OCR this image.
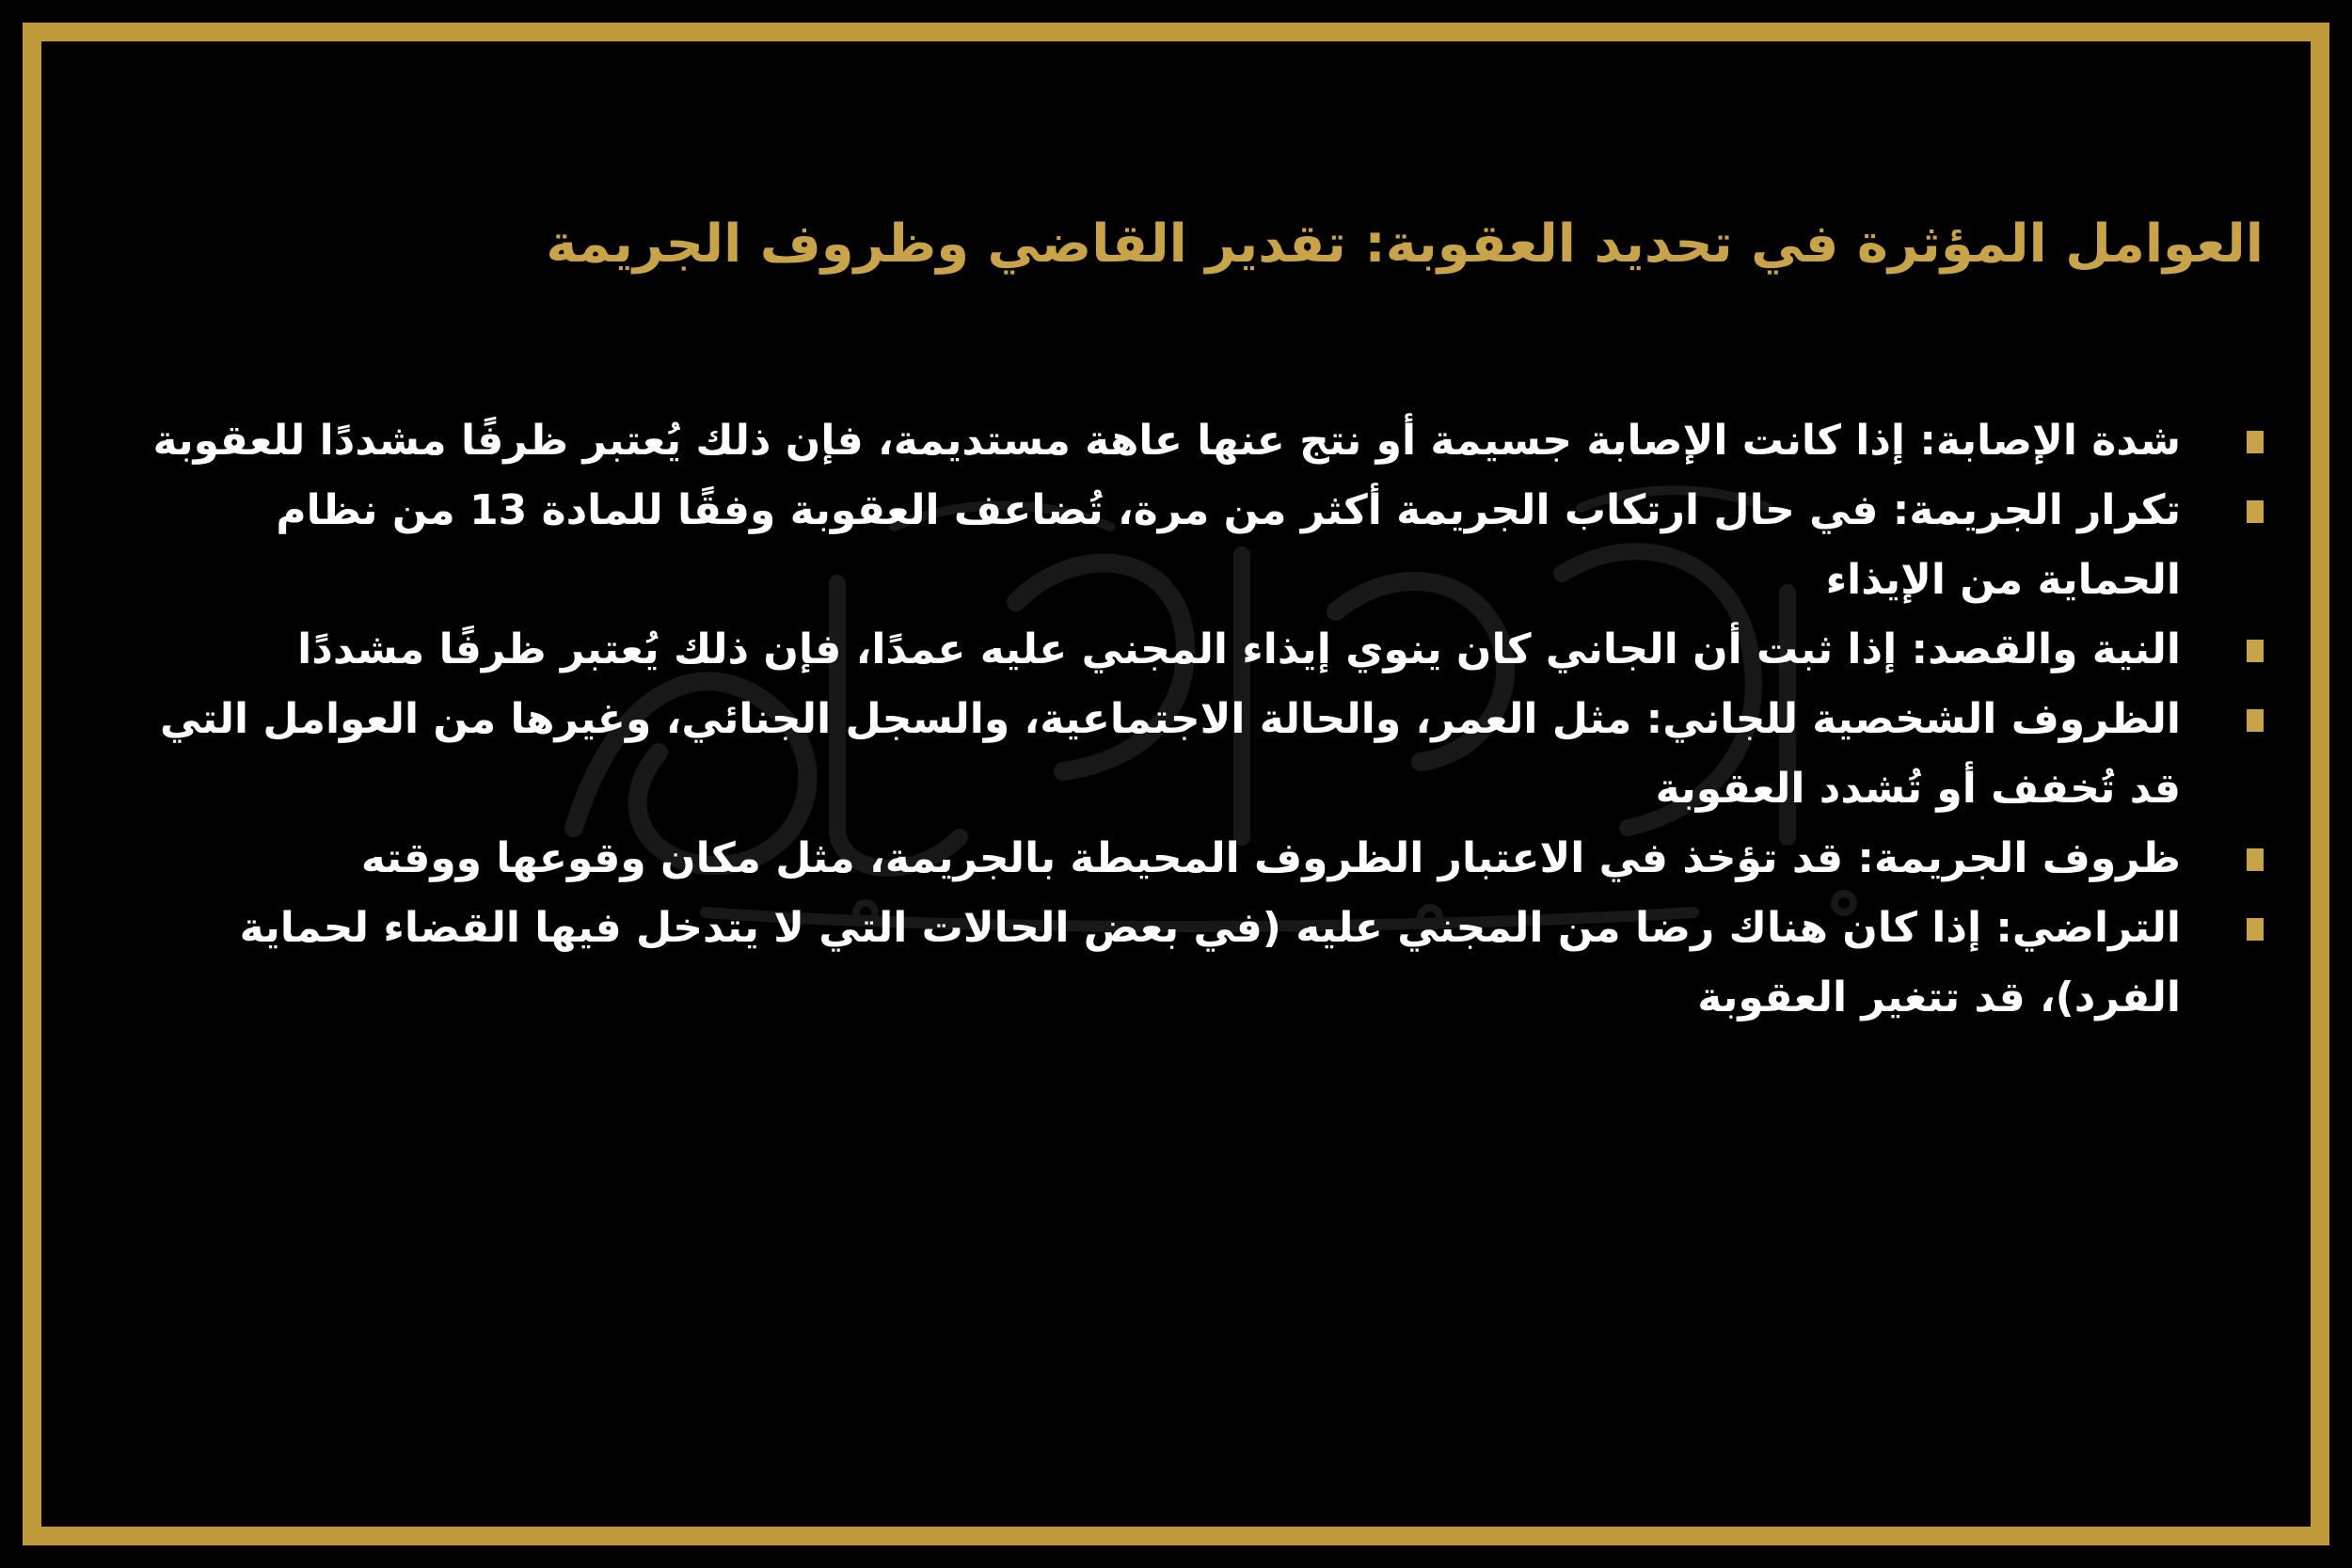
العوامل المؤثرة في تحديد العقوبة: تقدير القاضي وظروف الجريمة
شدة الإصابة: إذا كانت الإصابة جسيمة أو نتج عنها عاهة مستديمة، فإن ذلك يُعتبر ظرفًا مشددًا للعقوبة
تكرار الجريمة: في حال ارتكاب الجريمة أكثر من مرة، تُضاعف العقوبة وفقًا للمادة 13 من نظام الحماية من الإيذاء
النية والقصد: إذا ثبت أن الجاني كان ينوي إيذاء المجني عليه عمدًا، فإن ذلك يُعتبر ظرفًا مشددًا
الظروف الشخصية للجاني: مثل العمر، والحالة الاجتماعية، والسجل الجنائي، وغيرها من العوامل التي قد تُخفف أو تُشدد العقوبة
ظروف الجريمة: قد تؤخذ في الاعتبار الظروف المحيطة بالجريمة، مثل مكان وقوعها ووقته
التراضي: إذا كان هناك رضا من المجني عليه (في بعض الحالات التي لا يتدخل فيها القضاء لحماية الفرد)، قد تتغير العقوبة
